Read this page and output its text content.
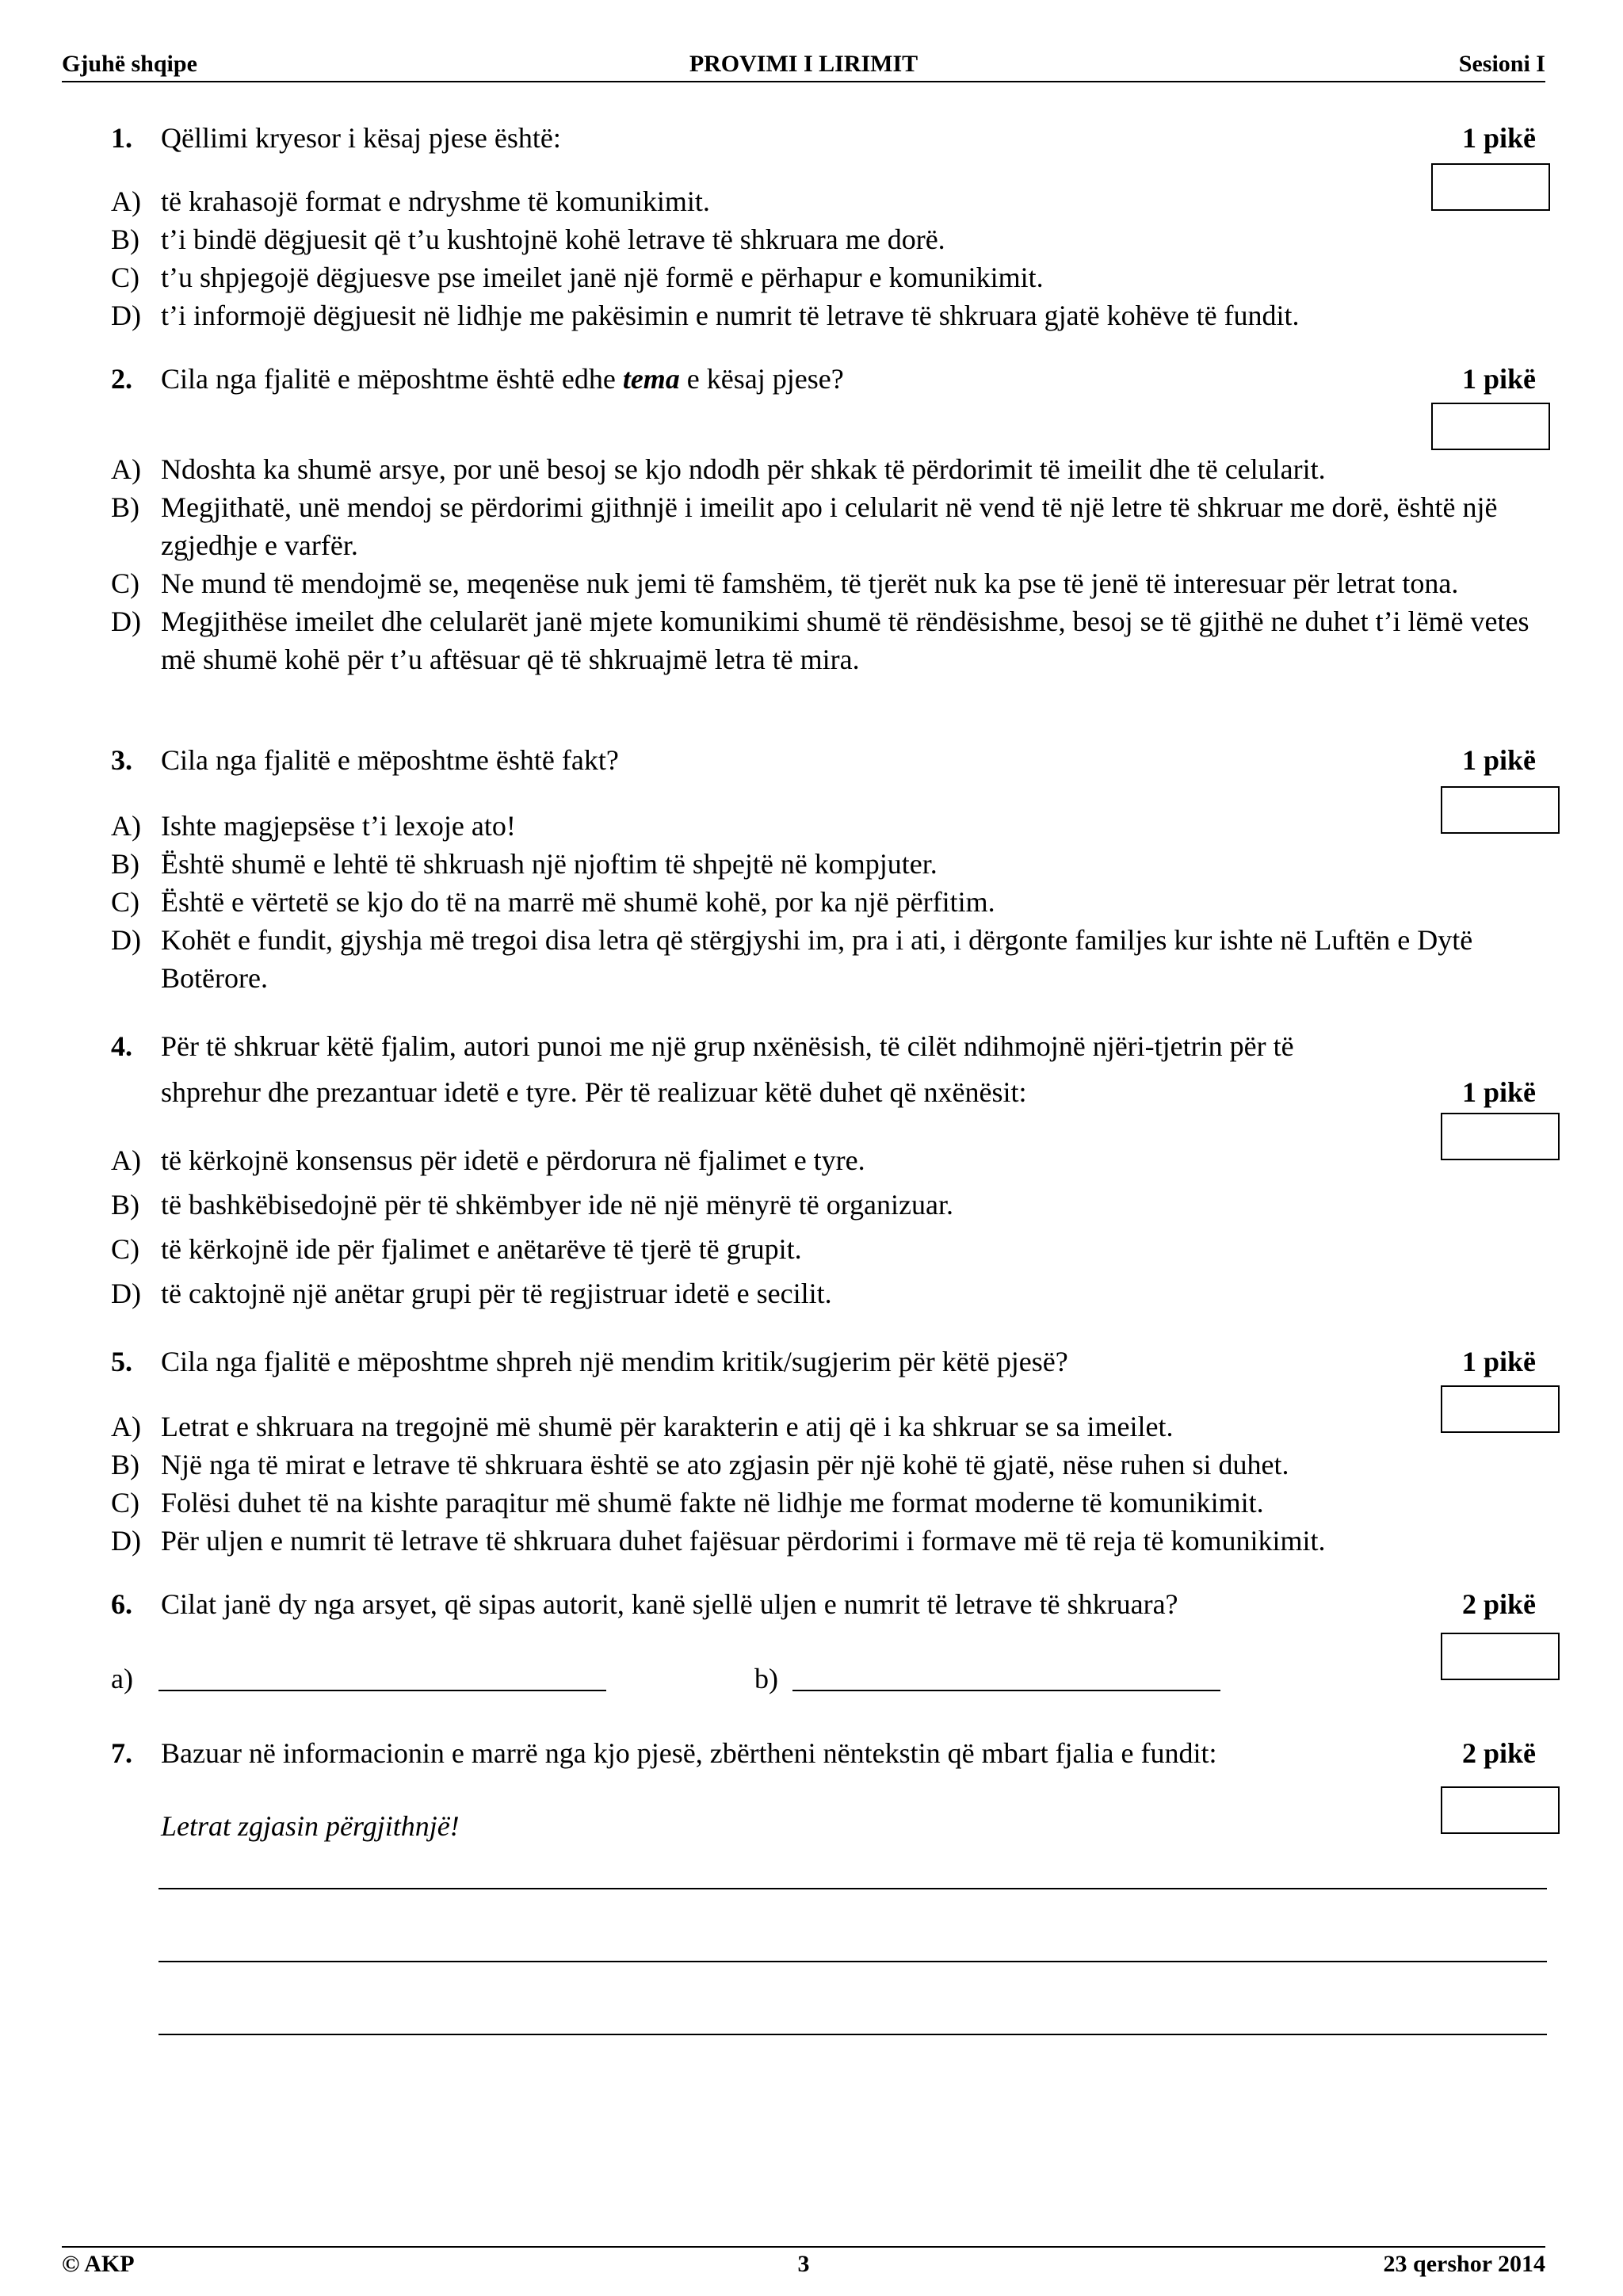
PROVIMI I LIRIMIT
Gjuhë shqipe	Sesioni I
1. Qëllimi kryesor i kësaj pjese është:	1 pikë
A) të krahasojë format e ndryshme të komunikimit.
B) t’i bindë dëgjuesit që t’u kushtojnë kohë letrave të shkruara me dorë.
C) t’u shpjegojë dëgjuesve pse imeilet janë një formë e përhapur e komunikimit.
D) t’i informojë dëgjuesit në lidhje me pakësimin e numrit të letrave të shkruara gjatë kohëve të fundit.
2. Cila nga fjalitë e mëposhtme është edhe tema e kësaj pjese?	1 pikë
A) Ndoshta ka shumë arsye, por unë besoj se kjo ndodh për shkak të përdorimit të imeilit dhe të celularit.
B) Megjithatë, unë mendoj se përdorimi gjithnjë i imeilit apo i celularit në vend të një letre të shkruar me dorë, është një zgjedhje e varfër.
C) Ne mund të mendojmë se, meqenëse nuk jemi të famshëm, të tjerët nuk ka pse të jenë të interesuar për letrat tona.
D) Megjithëse imeilet dhe celularët janë mjete komunikimi shumë të rëndësishme, besoj se të gjithë ne duhet t’i lëmë vetes më shumë kohë për t’u aftësuar që të shkruajmë letra të mira.
3. Cila nga fjalitë e mëposhtme është fakt?	1 pikë
A) Ishte magjepsëse t’i lexoje ato!
B) Është shumë e lehtë të shkruash një njoftim të shpejtë në kompjuter.
C) Është e vërtetë se kjo do të na marrë më shumë kohë, por ka një përfitim.
D) Kohët e fundit, gjyshja më tregoi disa letra që stërgjyshi im, pra i ati, i dërgonte familjes kur ishte në Luftën e Dytë Botërore.
4. Për të shkruar këtë fjalim, autori punoi me një grup nxënësish, të cilët ndihmojnë njëri-tjetrin për të
shprehur dhe prezantuar idetë e tyre. Për të realizuar këtë duhet që nxënësit:	1 pikë
A) të kërkojnë konsensus për idetë e përdorura në fjalimet e tyre.
B) të bashkëbisedojnë për të shkëmbyer ide në një mënyrë të organizuar.
C) të kërkojnë ide për fjalimet e anëtarëve të tjerë të grupit.
D) të caktojnë një anëtar grupi për të regjistruar idetë e secilit.
5. Cila nga fjalitë e mëposhtme shpreh një mendim kritik/sugjerim për këtë pjesë?	1 pikë
A) Letrat e shkruara na tregojnë më shumë për karakterin e atij që i ka shkruar se sa imeilet.
B) Një nga të mirat e letrave të shkruara është se ato zgjasin për një kohë të gjatë, nëse ruhen si duhet.
C) Folësi duhet të na kishte paraqitur më shumë fakte në lidhje me format moderne të komunikimit.
D) Për uljen e numrit të letrave të shkruara duhet fajësuar përdorimi i formave më të reja të komunikimit.
6. Cilat janë dy nga arsyet, që sipas autorit, kanë sjellë uljen e numrit të letrave të shkruara?	2 pikë
a)	b)
7. Bazuar në informacionin e marrë nga kjo pjesë, zbërtheni nëntekstin që mbart fjalia e fundit:	2 pikë
Letrat zgjasin përgjithnjë!
3
© AKP	23 qershor 2014
